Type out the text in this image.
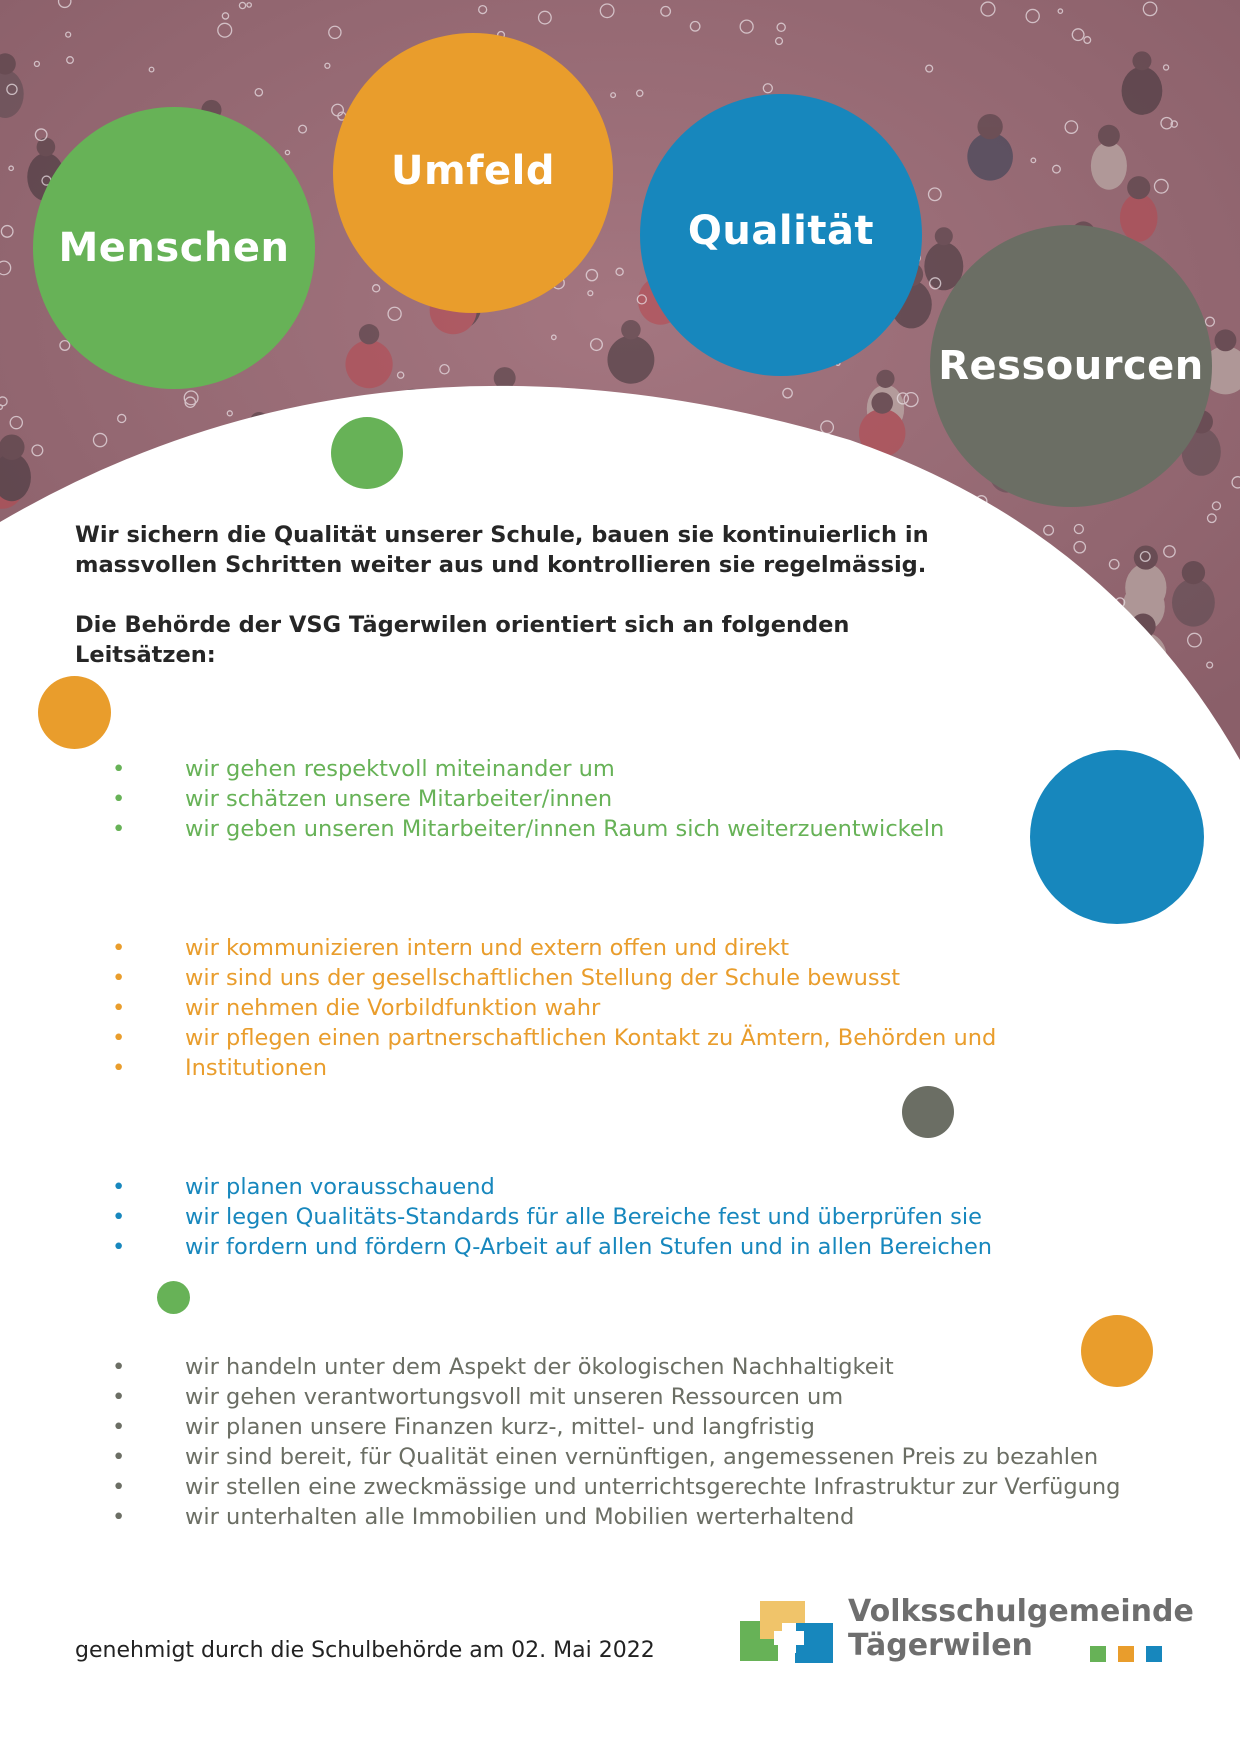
Menschen
Umfeld
Qualität
Ressourcen

Wir sichern die Qualität unserer Schule, bauen sie kontinuierlich in

massvollen Schritten weiter aus und kontrollieren sie regelmässig.

Die Behörde der VSG Tägerwilen orientiert sich an folgenden Leitsätzen:

•	wir gehen respektvoll miteinander um
•	wir schätzen unsere Mitarbeiter/innen
•	wir geben unseren Mitarbeiter/innen Raum sich weiterzuentwickeln
•	wir kommunizieren intern und extern offen und direkt
•	wir sind uns der gesellschaftlichen Stellung der Schule bewusst
•	wir nehmen die Vorbildfunktion wahr
•	wir pflegen einen partnerschaftlichen Kontakt zu Ämtern, Behörden und
•	Institutionen
•	wir planen vorausschauend
•	wir legen Qualitäts-Standards für alle Bereiche fest und überprüfen sie
•	wir fordern und fördern Q-Arbeit auf allen Stufen und in allen Bereichen
•	wir handeln unter dem Aspekt der ökologischen Nachhaltigkeit
•	wir gehen verantwortungsvoll mit unseren Ressourcen um
•	wir planen unsere Finanzen kurz-, mittel- und langfristig
•	wir sind bereit, für Qualität einen vernünftigen, angemessenen Preis zu bezahlen
•	wir stellen eine zweckmässige und unterrichtsgerechte Infrastruktur zur Verfügung
•	wir unterhalten alle Immobilien und Mobilien werterhaltend
genehmigt durch die Schulbehörde am 02. Mai 2022
Volksschulgemeinde
Tägerwilen
